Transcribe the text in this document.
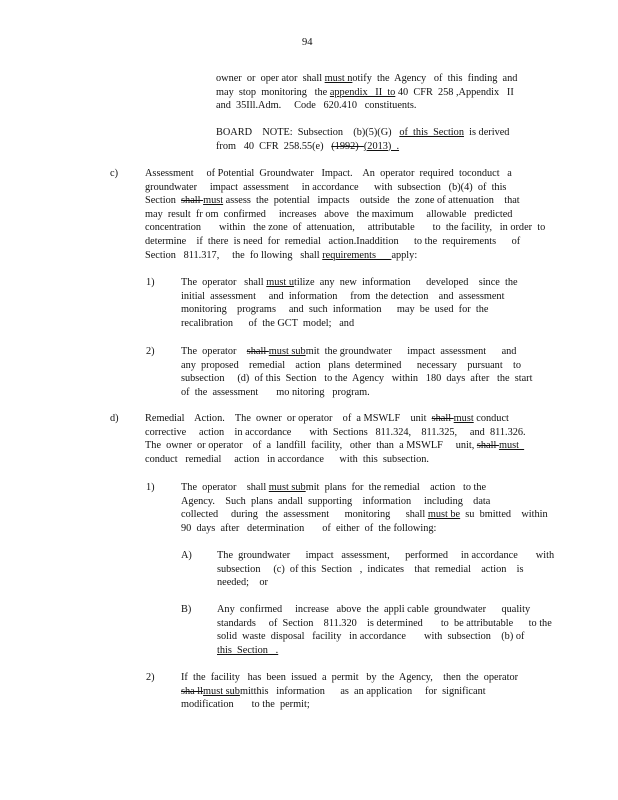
94

owner  or  oper ator  shall must notify  the  Agency   of  this  finding  and

may  stop  monitoring   the appendix   II  to 40  CFR  258 ,Appendix   II

and  35Ill.Adm.     Code   620.410   constituents.

BOARD    NOTE:  Subsection    (b)(5)(G)   of  this  Section  is derived

from   40  CFR  258.55(e)   (1992)  (2013)  .

c)	Assessment     of Potential  Groundwater   Impact.    An  operator  required  toconduct   a

groundwater     impact  assessment     in accordance      with  subsection   (b)(4)  of  this

Section  shall must assess  the  potential   impacts    outside   the  zone of attenuation    that

may  result  fr om  confirmed     increases   above   the maximum     allowable   predicted

concentration       within   the zone  of  attenuation,     attributable       to  the facility,   in order  to

determine    if  there  is need  for  remedial   action.Inaddition      to the  requirements      of

Section   811.317,     the  fo llowing   shall requirements      apply:

1)	The  operator   shall must utilize  any  new  information      developed    since  the

initial  assessment     and  information     from  the detection    and  assessment

monitoring    programs     and  such  information      may  be  used  for  the

recalibration      of  the GCT  model;   and

2)	The  operator    shall must submit  the groundwater      impact  assessment      and

any  proposed    remedial    action   plans  determined      necessary    pursuant    to

subsection     (d)  of this  Section   to the  Agency   within   180  days  after   the  start

of  the  assessment       mo nitoring   program.

d)	Remedial    Action.    The  owner  or operator    of  a MSWLF    unit  shall must conduct

corrective     action    in accordance       with  Sections   811.324,    811.325,     and  811.326.

The  owner  or operator    of  a  landfill  facility,   other  than  a MSWLF     unit, shall must

conduct   remedial     action   in accordance      with  this  subsection.

1)	The  operator    shall must submit  plans  for  the remedial    action   to the

Agency.    Such  plans  andall  supporting    information     including    data

collected     during   the  assessment      monitoring      shall must be  su  bmitted    within

90  days  after   determination       of  either  of  the following:

A) The  groundwater      impact   assessment,      performed     in accordance       with

subsection     (c)  of this  Section   ,  indicates    that  remedial    action    is

needed;    or

B) Any  confirmed     increase   above  the  appli cable  groundwater      quality

standards     of  Section    811.320    is determined       to  be attributable      to the

solid  waste  disposal   facility   in accordance       with  subsection    (b) of

this  Section   .

2)	If  the  facility   has  been  issued  a  permit   by  the  Agency,    then  the  operator

sha llmust submitthis   information      as  an application     for  significant

modification       to the  permit;
